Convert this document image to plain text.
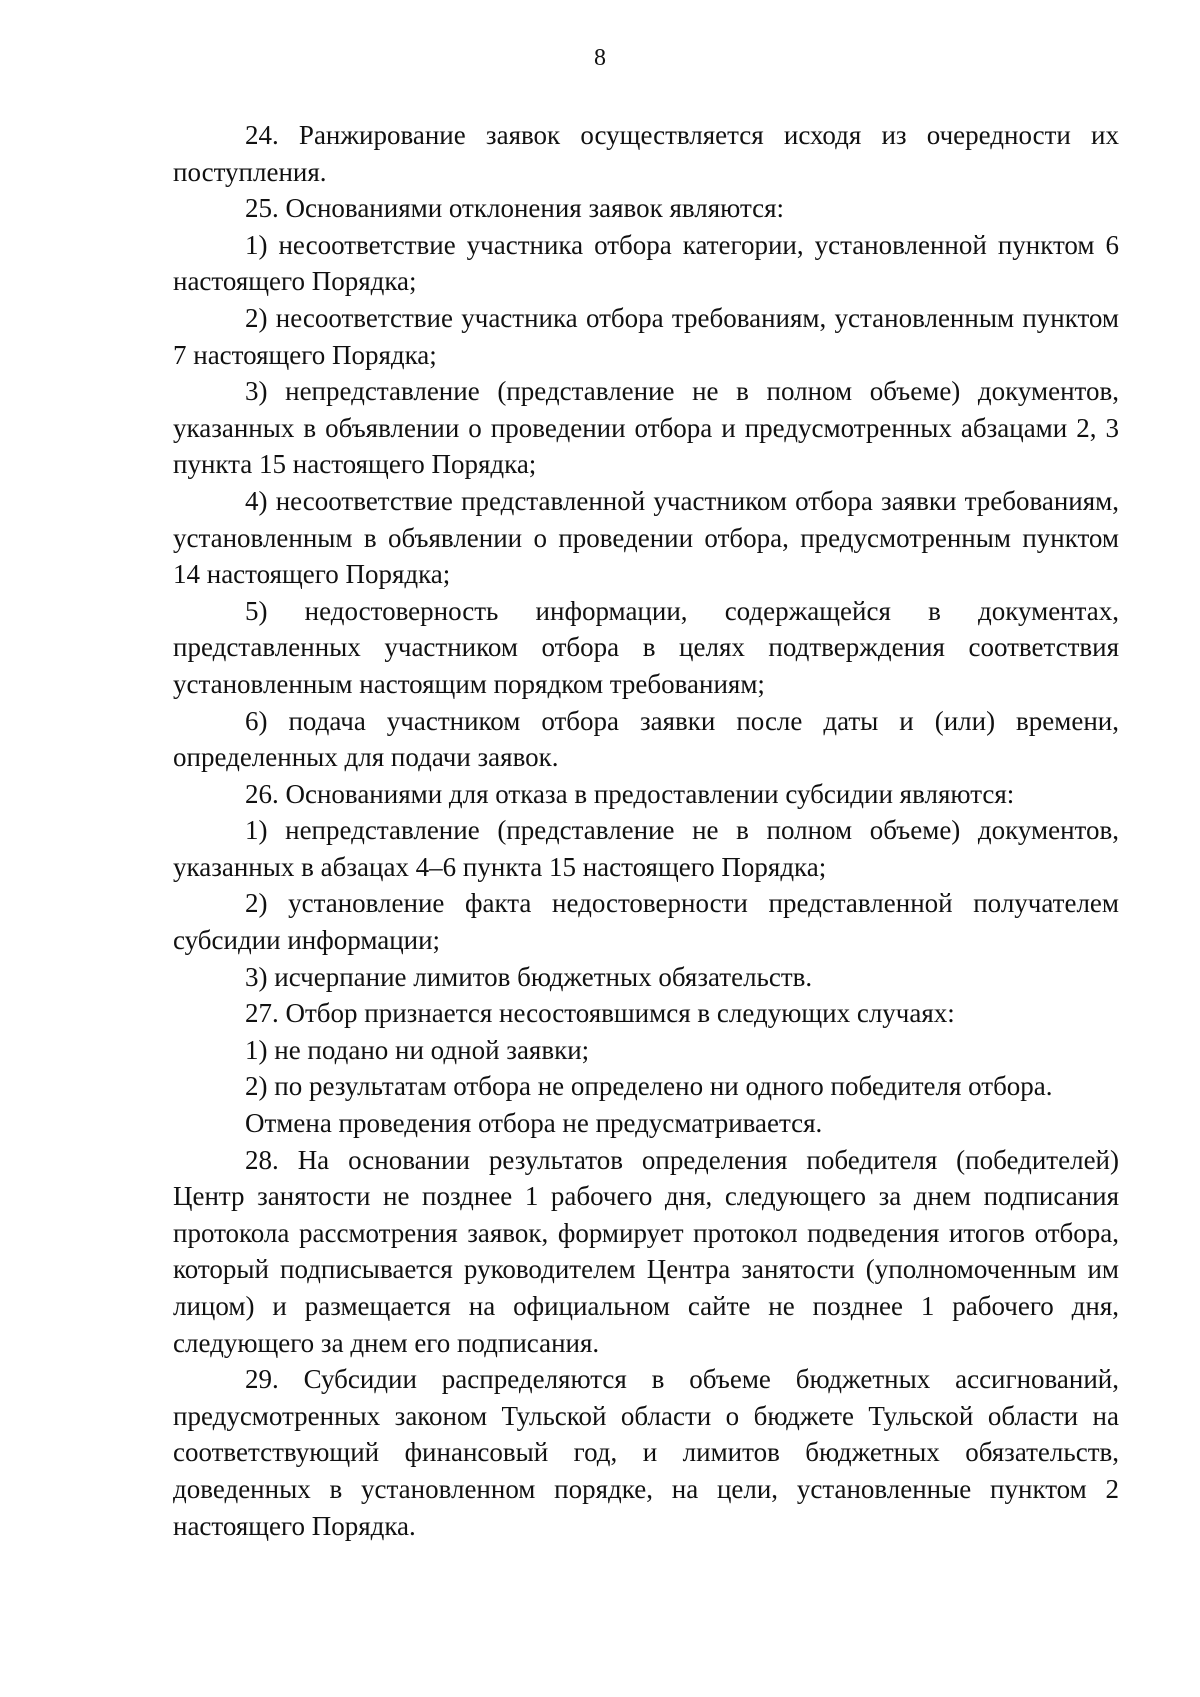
8

24. Ранжирование заявок осуществляется исходя из очередности их поступления.

25. Основаниями отклонения заявок являются:

1) несоответствие участника отбора категории, установленной пунктом 6 настоящего Порядка;

2) несоответствие участника отбора требованиям, установленным пунктом 7 настоящего Порядка;

3) непредставление (представление не в полном объеме) документов, указанных в объявлении о проведении отбора и предусмотренных абзацами 2, 3 пункта 15 настоящего Порядка;

4) несоответствие представленной участником отбора заявки требованиям, установленным в объявлении о проведении отбора, предусмотренным пунктом 14 настоящего Порядка;

5) недостоверность информации, содержащейся в документах, представленных участником отбора в целях подтверждения соответствия установленным настоящим порядком требованиям;

6) подача участником отбора заявки после даты и (или) времени, определенных для подачи заявок.

26. Основаниями для отказа в предоставлении субсидии являются:

1) непредставление (представление не в полном объеме) документов, указанных в абзацах 4–6 пункта 15 настоящего Порядка;

2) установление факта недостоверности представленной получателем субсидии информации;

3) исчерпание лимитов бюджетных обязательств.

27. Отбор признается несостоявшимся в следующих случаях:

1) не подано ни одной заявки;

2) по результатам отбора не определено ни одного победителя отбора.

Отмена проведения отбора не предусматривается.

28. На основании результатов определения победителя (победителей) Центр занятости не позднее 1 рабочего дня, следующего за днем подписания протокола рассмотрения заявок, формирует протокол подведения итогов отбора, который подписывается руководителем Центра занятости (уполномоченным им лицом) и размещается на официальном сайте не позднее 1 рабочего дня, следующего за днем его подписания.

29. Субсидии распределяются в объеме бюджетных ассигнований, предусмотренных законом Тульской области о бюджете Тульской области на соответствующий финансовый год, и лимитов бюджетных обязательств, доведенных в установленном порядке, на цели, установленные пунктом 2 настоящего Порядка.
